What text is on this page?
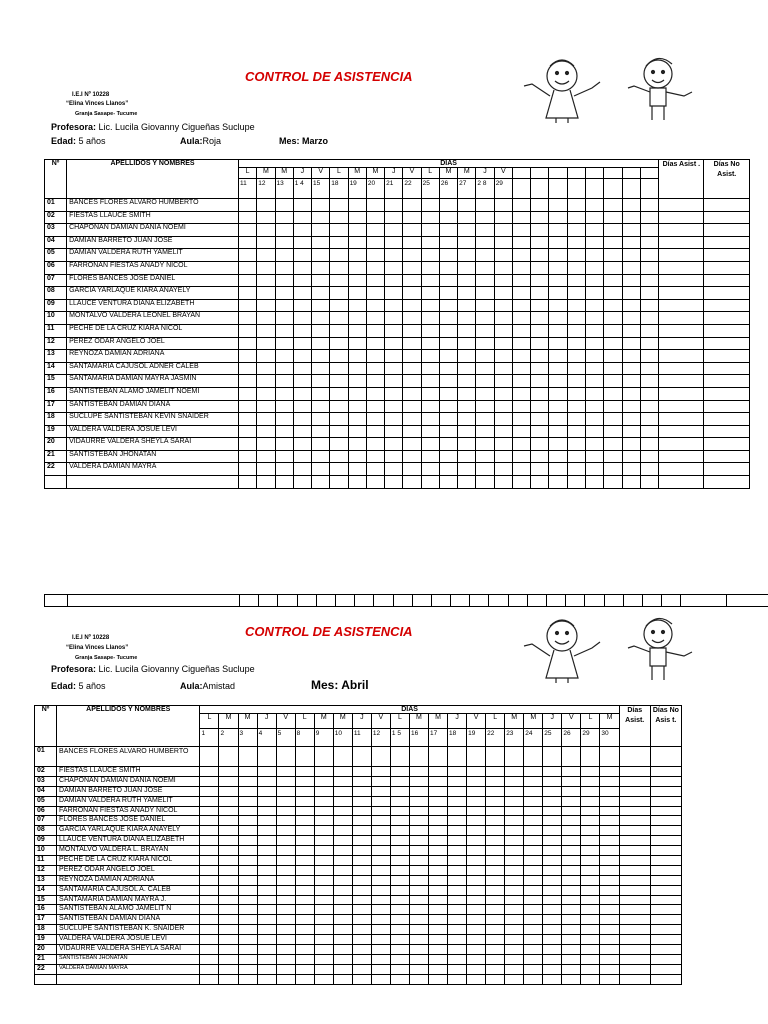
CONTROL DE ASISTENCIA
I.E.I Nº 10228
“Elina Vinces Llanos”
Granja Sasape- Tucume
Profesora: Lic. Lucila Giovanny Cigueñas Suclupe
Edad: 5 años	Aula:Roja	Mes: Marzo
Nº	APELLIDOS Y NOMBRES	DIAS																							Días Asist .	Días No Asist.
		L	M	M	J	V	L	M	M	J	V	L	M	M	J	V										
		11	12	13	1 4	15	18	19	20	21	22	25	26	27	2 8	29										
01	BANCES FLORES ALVARO HUMBERTO																									
02	FIESTAS LLAUCE SMITH																									
03	CHAPOÑAN DAMIAN DANIA NOEMI																									
04	DAMIAN BARRETO JUAN JOSE																									
05	DAMIAN VALDERA RUTH YAMELIT																									
06	FARROÑAN FIESTAS ANADY NICOL																									
07	FLORES BANCES JOSE DANIEL																									
08	GARCIA YARLAQUE KIARA ANAYELY																									
09	LLAUCE VENTURA DIANA ELIZABETH																									
10	MONTALVO VALDERA LEONEL BRAYAN																									
11	PECHE DE LA CRUZ KIARA NICOL																									
12	PEREZ ODAR ANGELO JOEL																									
13	REYNOZA DAMIAN ADRIANA																									
14	SANTAMARIA CAJUSOL ADNER CALEB																									
15	SANTAMARIA DAMIAN MAYRA JASMIN																									
16	SANTISTEBAN ALAMO JAMELIT NOEMI																									
17	SANTISTEBAN DAMIAN DIANA																									
18	SUCLUPE SANTISTEBAN KEVIN SNAIDER																									
19	VALDERA VALDERA JOSUE LEVI																									
20	VIDAURRE VALDERA SHEYLA SARAI																									
21	SANTISTEBAN JHONATAN																									
22	VALDERA DAMIAN MAYRA																									

CONTROL DE ASISTENCIA
I.E.I Nº 10228
“Elina Vinces Llanos”
Granja Sasape- Tucume
Profesora: Lic. Lucila Giovanny Cigueñas Suclupe
Edad: 5 años	Aula:Amistad	Mes: Abril
Nº	APELLIDOS Y NOMBRES	DIAS																						Días Asist.	Días No Asis t.
		L	M	M	J	V	L	M	M	J	V	L	M	M	J	V	L	M	M	J	V	L	M		
		1	2	3	4	5	8	9	10	11	12	1 5	16	17	18	19	22	23	24	25	26	29	30		
01	BANCES FLORES ALVARO HUMBERTO																								
02	FIESTAS LLAUCE SMITH																								
03	CHAPOÑAN DAMIAN DANIA NOEMI																								
04	DAMIAN BARRETO JUAN JOSE																								
05	DAMIAN VALDERA RUTH YAMELIT																								
06	FARROÑAN FIESTAS ANADY NICOL																								
07	FLORES BANCES JOSE DANIEL																								
08	GARCIA YARLAQUE KIARA ANAYELY																								
09	LLAUCE VENTURA DIANA ELIZABETH																								
10	MONTALVO VALDERA L. BRAYAN																								
11	PECHE DE LA CRUZ KIARA NICOL																								
12	PEREZ ODAR ANGELO JOEL																								
13	REYNOZA DAMIAN ADRIANA																								
14	SANTAMARIA CAJUSOL A. CALEB																								
15	SANTAMARIA DAMIAN MAYRA J.																								
16	SANTISTEBAN ALAMO JAMELIT N																								
17	SANTISTEBAN DAMIAN DIANA																								
18	SUCLUPE SANTISTEBAN K. SNAIDER																								
19	VALDERA VALDERA JOSUE LEVI																								
20	VIDAURRE VALDERA SHEYLA SARAI																								
21	SANTISTEBAN JHONATAN																								
22	VALDERA DAMIAN MAYRA																								
